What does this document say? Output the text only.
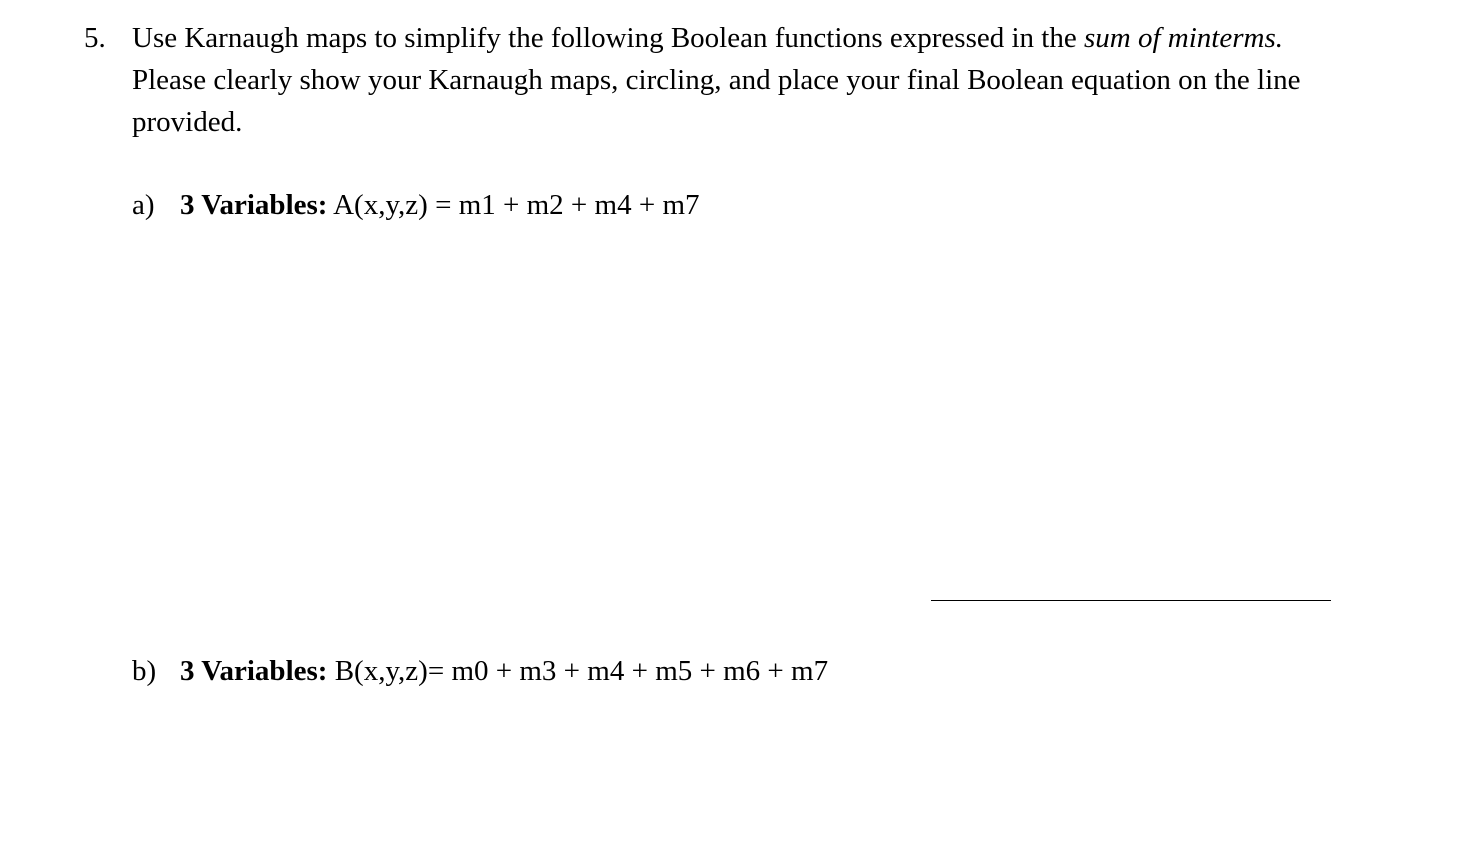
5. Use Karnaugh maps to simplify the following Boolean functions expressed in the sum of minterms. Please clearly show your Karnaugh maps, circling, and place your final Boolean equation on the line provided.
a) 3 Variables: A(x,y,z) = m1 + m2 + m4 + m7
b) 3 Variables: B(x,y,z)= m0 + m3 + m4 + m5 + m6 + m7
